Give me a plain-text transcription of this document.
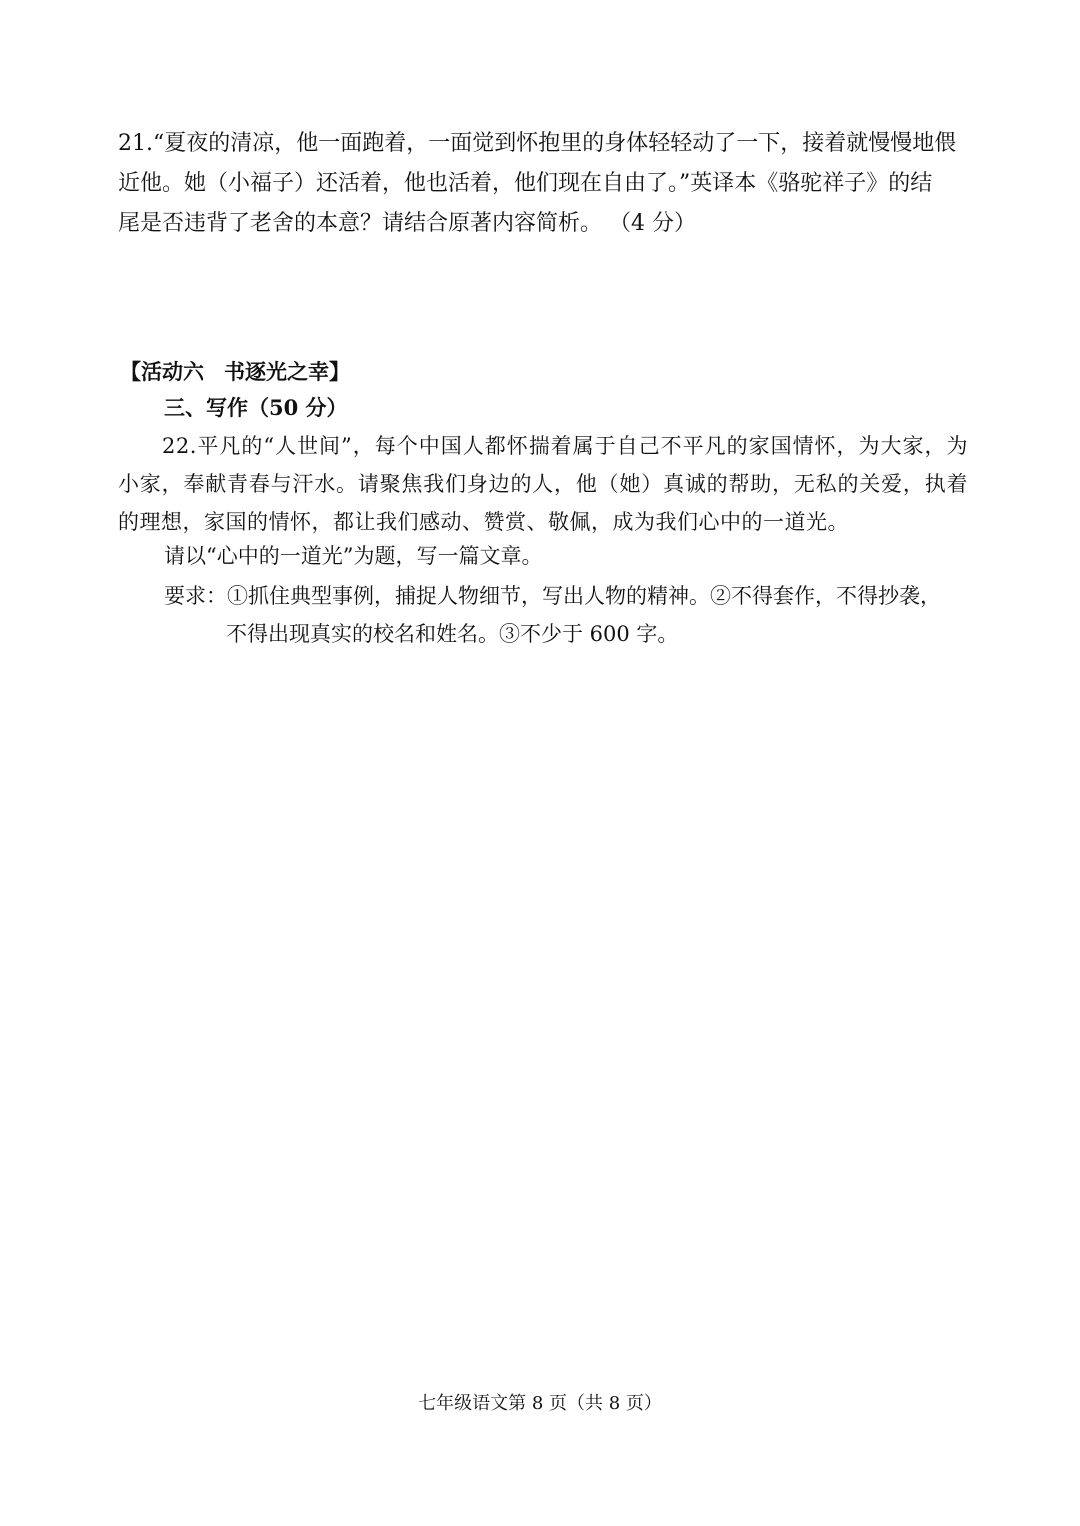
21.“夏夜的清凉，他一面跑着，一面觉到怀抱里的身体轻轻动了一下，接着就慢慢地偎
近他。她（小福子）还活着，他也活着，他们现在自由了。”英译本《骆驼祥子》的结
尾是否违背了老舍的本意？请结合原著内容简析。 （4 分）
【活动六 书逐光之幸】
三、写作（50 分）
22.平凡的“人世间”，每个中国人都怀揣着属于自己不平凡的家国情怀，为大家，为小家，奉献青春与汗水。请聚焦我们身边的人，他（她）真诚的帮助，无私的关爱，执着的理想，家国的情怀，都让我们感动、赞赏、敬佩，成为我们心中的一道光。
请以“心中的一道光”为题，写一篇文章。
要求：①抓住典型事例，捕捉人物细节，写出人物的精神。②不得套作，不得抄袭，
不得出现真实的校名和姓名。③不少于 600 字。
七年级语文第 8 页（共 8 页）
